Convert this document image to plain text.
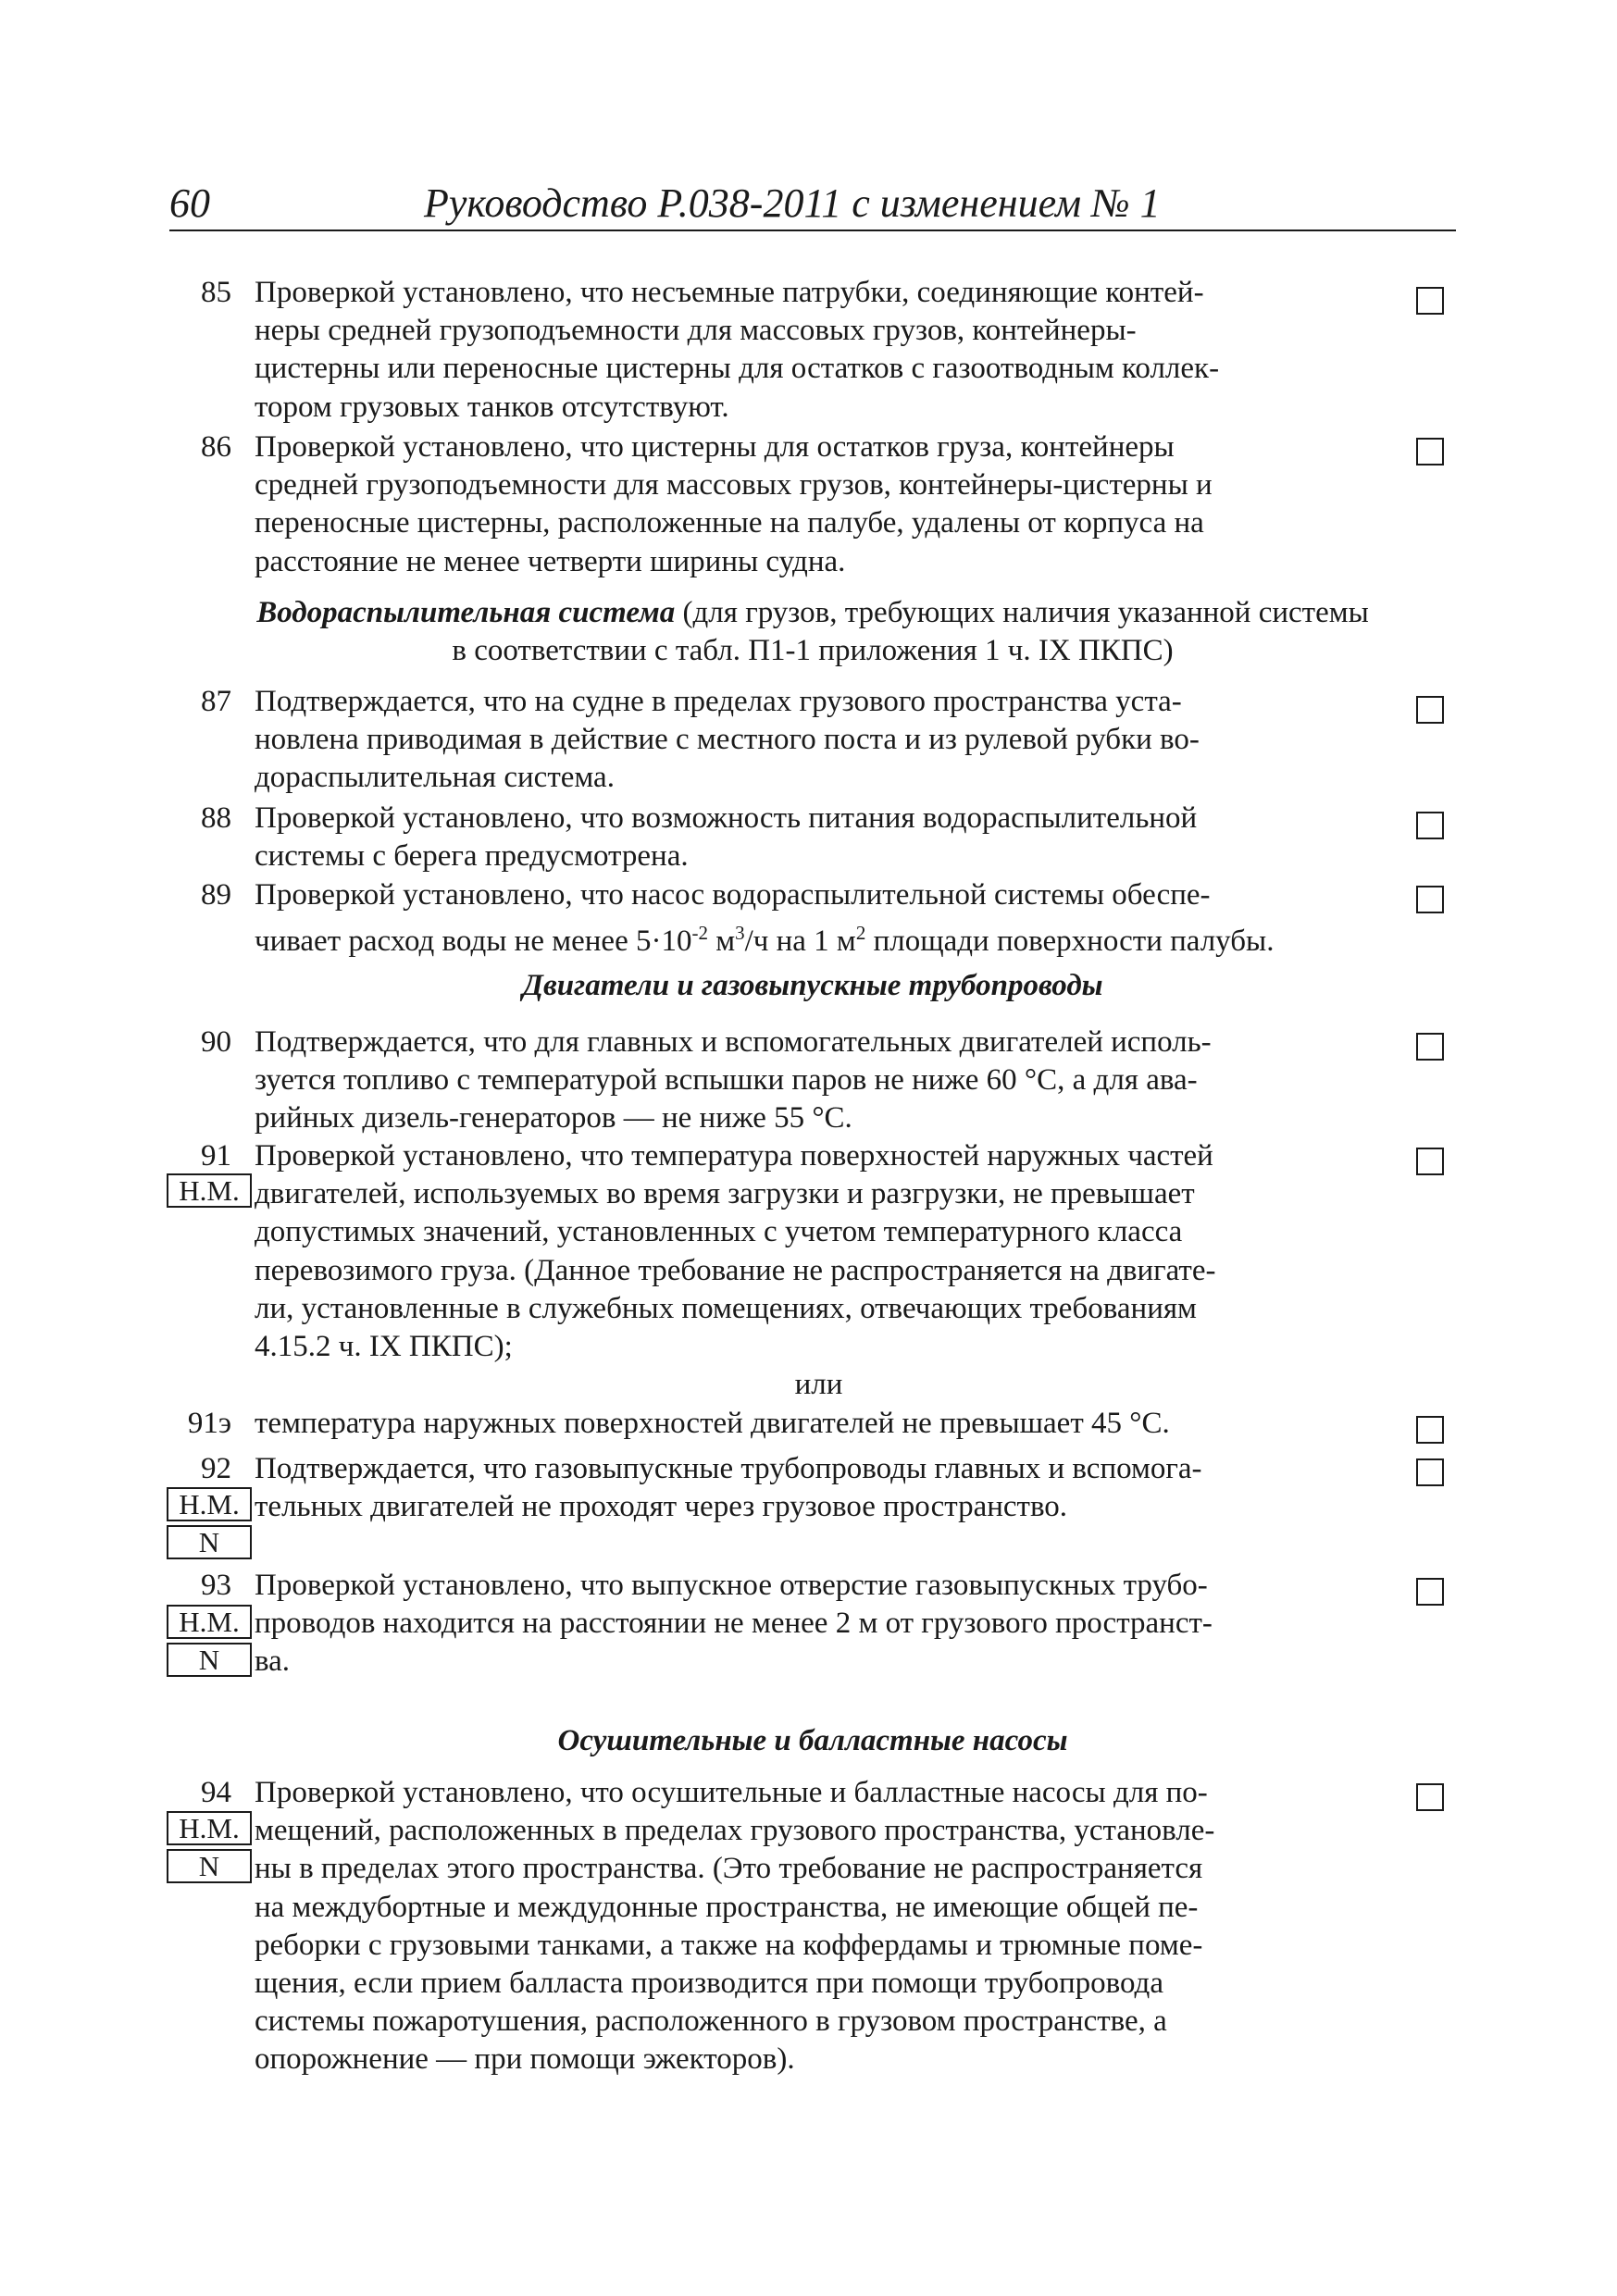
60	Руководство Р.038-2011 с изменением № 1
85 Проверкой установлено, что несъемные патрубки, соединяющие контей-
неры средней грузоподъемности для массовых грузов, контейнеры-
цистерны или переносные цистерны для остатков с газоотводным коллек-
тором грузовых танков отсутствуют.
86 Проверкой установлено, что цистерны для остатков груза, контейнеры
средней грузоподъемности для массовых грузов, контейнеры-цистерны и
переносные цистерны, расположенные на палубе, удалены от корпуса на
расстояние не менее четверти ширины судна.
Водораспылительная система (для грузов, требующих наличия указанной системы
в соответствии с табл. П1-1 приложения 1 ч. IX ПКПС)
87 Подтверждается, что на судне в пределах грузового пространства уста-
новлена приводимая в действие с местного поста и из рулевой рубки во-
дораспылительная система.
88 Проверкой установлено, что возможность питания водораспылительной
системы с берега предусмотрена.
89 Проверкой установлено, что насос водораспылительной системы обеспе-
чивает расход воды не менее $5\cdot 10^{-2}$ $м^3/ч$ на 1 $м^2$ площади поверхности палубы.
Двигатели и газовыпускные трубопроводы
90 Подтверждается, что для главных и вспомогательных двигателей исполь-
зуется топливо с температурой вспышки паров не ниже 60 °С, а для ава-
рийных дизель-генераторов — не ниже 55 °С.
91 Проверкой установлено, что температура поверхностей наружных частей
двигателей, используемых во время загрузки и разгрузки, не превышает
допустимых значений, установленных с учетом температурного класса
перевозимого груза. (Данное требование не распространяется на двигате-
ли, установленные в служебных помещениях, отвечающих требованиям
4.15.2 ч. IX ПКПС);
Н.М.
или
91э температура наружных поверхностей двигателей не превышает 45 °С.
92 Подтверждается, что газовыпускные трубопроводы главных и вспомога-
тельных двигателей не проходят через грузовое пространство.
Н.М.
N
93 Проверкой установлено, что выпускное отверстие газовыпускных трубо-
проводов находится на расстоянии не менее 2 м от грузового пространст-
ва.
Н.М.
N
Осушительные и балластные насосы
94 Проверкой установлено, что осушительные и балластные насосы для по-
мещений, расположенных в пределах грузового пространства, установле-
ны в пределах этого пространства. (Это требование не распространяется
на междубортные и междудонные пространства, не имеющие общей пе-
реборки с грузовыми танками, а также на коффердамы и трюмные поме-
щения, если прием балласта производится при помощи трубопровода
системы пожаротушения, расположенного в грузовом пространстве, а
опорожнение — при помощи эжекторов).
Н.М.
N
